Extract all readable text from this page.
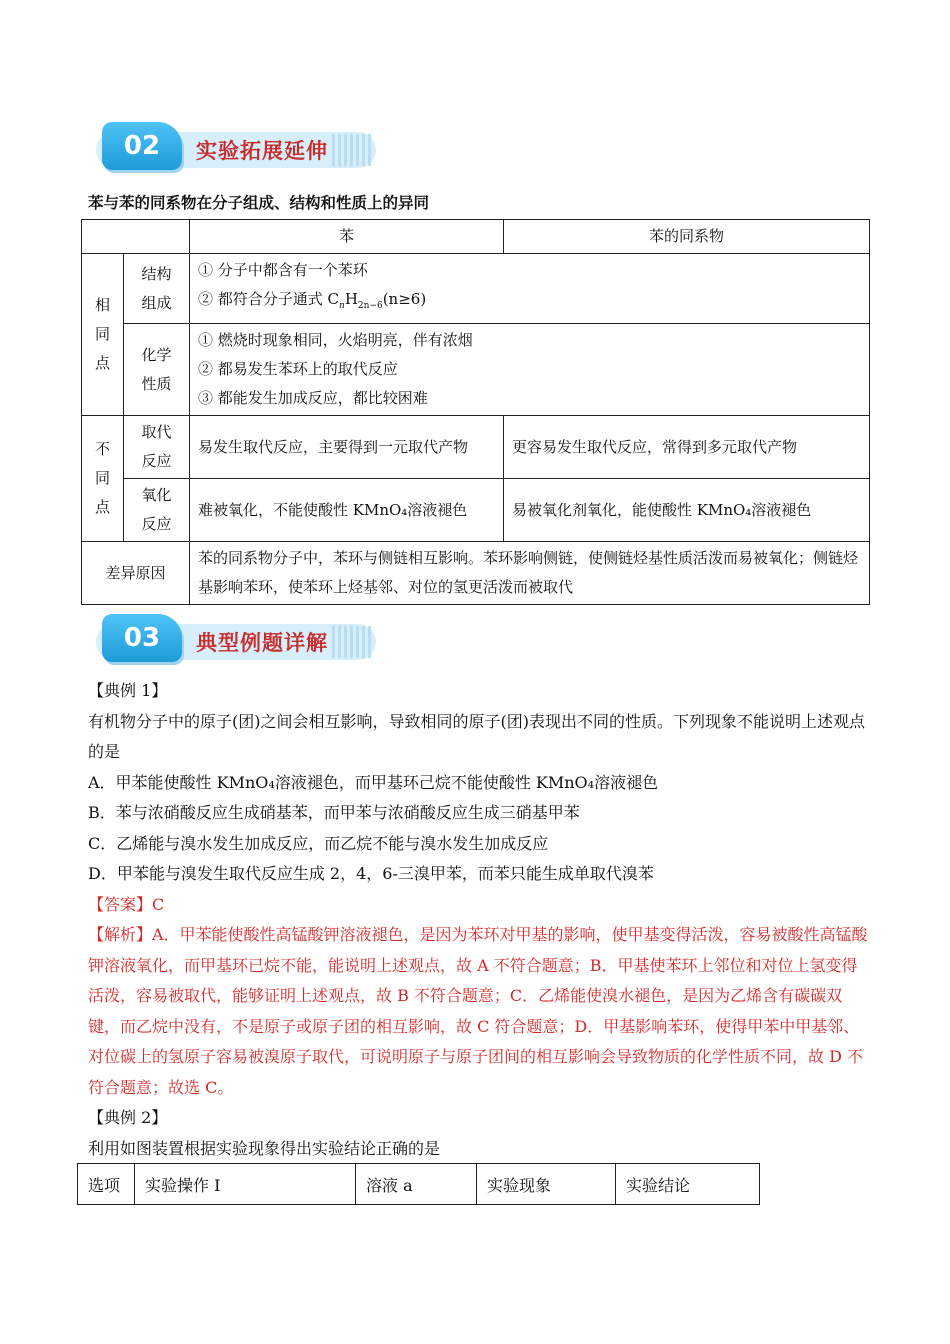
02	实验拓展延伸
苯与苯的同系物在分子组成、结构和性质上的异同
		苯	苯的同系物
相同点	结构组成	① 分子中都含有一个苯环
② 都符合分子通式 $C_nH_{2n-6}(n\ge 6)$	

	化学性质	① 燃烧时现象相同，火焰明亮，伴有浓烟
② 都易发生苯环上的取代反应
③ 都能发生加成反应，都比较困难	

不同点	取代反应	易发生取代反应，主要得到一元取代产物	更容易发生取代反应，常得到多元取代产物
	氧化反应	难被氧化，不能使酸性 KMnO₄溶液褪色	易被氧化剂氧化，能使酸性 KMnO₄溶液褪色
差异原因		苯的同系物分子中，苯环与侧链相互影响。苯环影响侧链，使侧链烃基性质活泼而易被氧化；侧链烃基影响苯环，使苯环上烃基邻、对位的氢更活泼而被取代	
03	典型例题详解
【典例 1】
有机物分子中的原子(团)之间会相互影响，导致相同的原子(团)表现出不同的性质。下列现象不能说明上述观点的是
A．甲苯能使酸性 KMnO₄溶液褪色，而甲基环己烷不能使酸性 KMnO₄溶液褪色
B．苯与浓硝酸反应生成硝基苯，而甲苯与浓硝酸反应生成三硝基甲苯
C．乙烯能与溴水发生加成反应，而乙烷不能与溴水发生加成反应
D．甲苯能与溴发生取代反应生成 2，4，6-三溴甲苯，而苯只能生成单取代溴苯
【答案】C
【解析】A．甲苯能使酸性高锰酸钾溶液褪色，是因为苯环对甲基的影响，使甲基变得活泼，容易被酸性高锰酸钾溶液氧化，而甲基环已烷不能，能说明上述观点，故 A 不符合题意；B．甲基使苯环上邻位和对位上氢变得活泼，容易被取代，能够证明上述观点，故 B 不符合题意；C．乙烯能使溴水褪色，是因为乙烯含有碳碳双键，而乙烷中没有，不是原子或原子团的相互影响，故 C 符合题意；D．甲基影响苯环，使得甲苯中甲基邻、对位碳上的氢原子容易被溴原子取代，可说明原子与原子团间的相互影响会导致物质的化学性质不同，故 D 不符合题意；故选 C。
【典例 2】
利用如图装置根据实验现象得出实验结论正确的是
选项	实验操作 Ⅰ	溶液 a	实验现象	实验结论
